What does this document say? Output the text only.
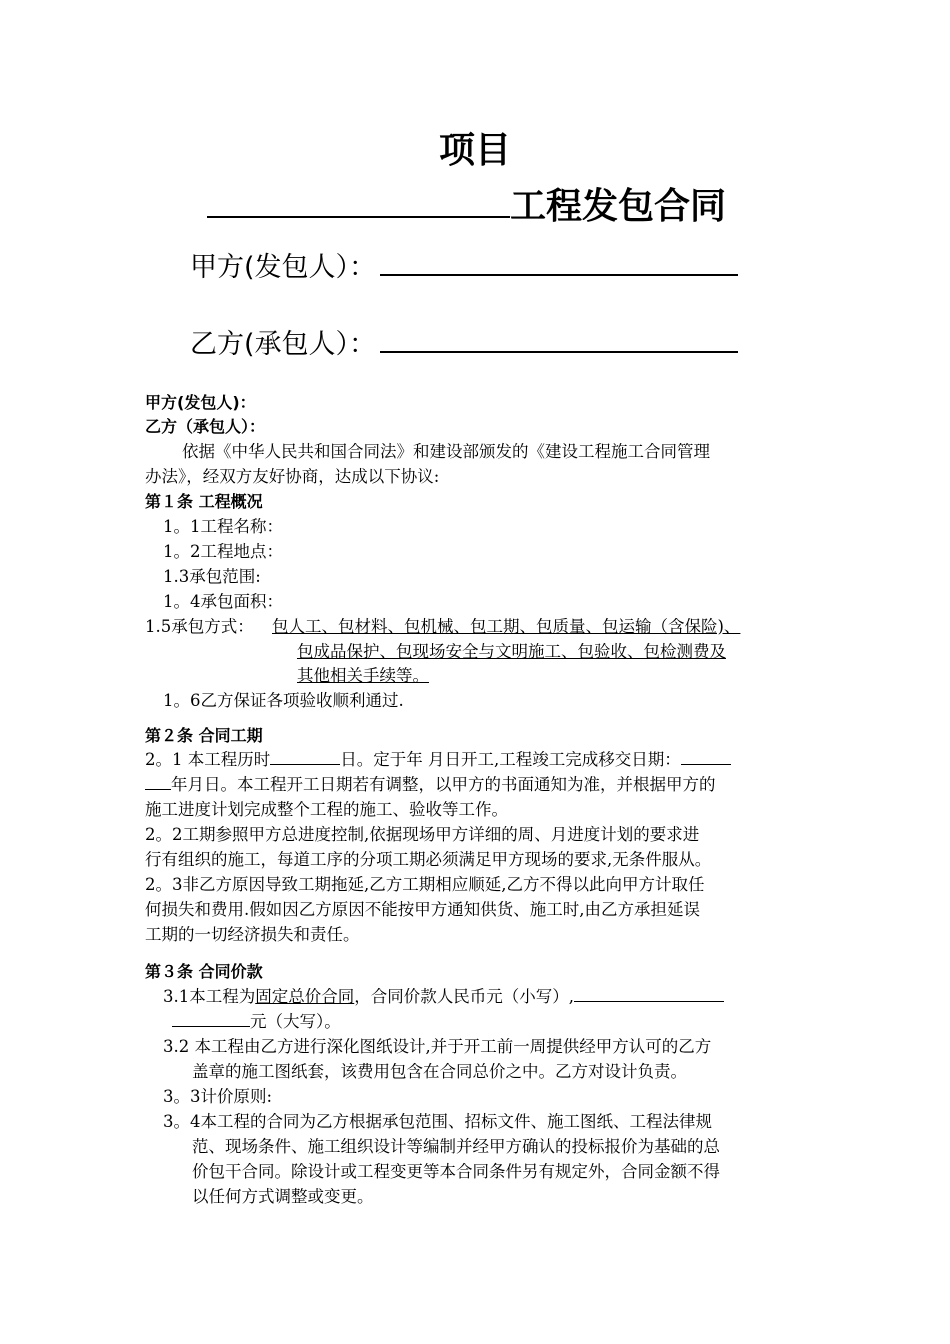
项目
工程发包合同
甲方(发包人）：
乙方(承包人）：
甲方(发包人)：
乙方（承包人）：
依据《中华人民共和国合同法》和建设部颁发的《建设工程施工合同管理
办法》，经双方友好协商，达成以下协议:
第１条 工程概况
1。1工程名称：
1。2工程地点：
1.3承包范围:
1。4承包面积：
1.5承包方式： 包人工、包材料、包机械、包工期、包质量、包运输（含保险)、
包成品保护、包现场安全与文明施工、包验收、包检测费及
其他相关手续等。
1。6乙方保证各项验收顺利通过.
第２条 合同工期
2。1 本工程历时	日。定于年 月日开工,工程竣工完成移交日期：
年月日。本工程开工日期若有调整，以甲方的书面通知为准，并根据甲方的
施工进度计划完成整个工程的施工、验收等工作。
2。2工期参照甲方总进度控制,依据现场甲方详细的周、月进度计划的要求进
行有组织的施工，每道工序的分项工期必须满足甲方现场的要求,无条件服从。
2。3非乙方原因导致工期拖延,乙方工期相应顺延,乙方不得以此向甲方计取任
何损失和费用.假如因乙方原因不能按甲方通知供货、施工时,由乙方承担延误
工期的一切经济损失和责任。
第３条 合同价款
3.1本工程为固定总价合同，合同价款人民币元（小写）,
元（大写）。
3.2 本工程由乙方进行深化图纸设计,并于开工前一周提供经甲方认可的乙方
盖章的施工图纸套，该费用包含在合同总价之中。乙方对设计负责。
3。3计价原则:
3。4本工程的合同为乙方根据承包范围、招标文件、施工图纸、工程法律规
范、现场条件、施工组织设计等编制并经甲方确认的投标报价为基础的总
价包干合同。除设计或工程变更等本合同条件另有规定外，合同金额不得
以任何方式调整或变更。
